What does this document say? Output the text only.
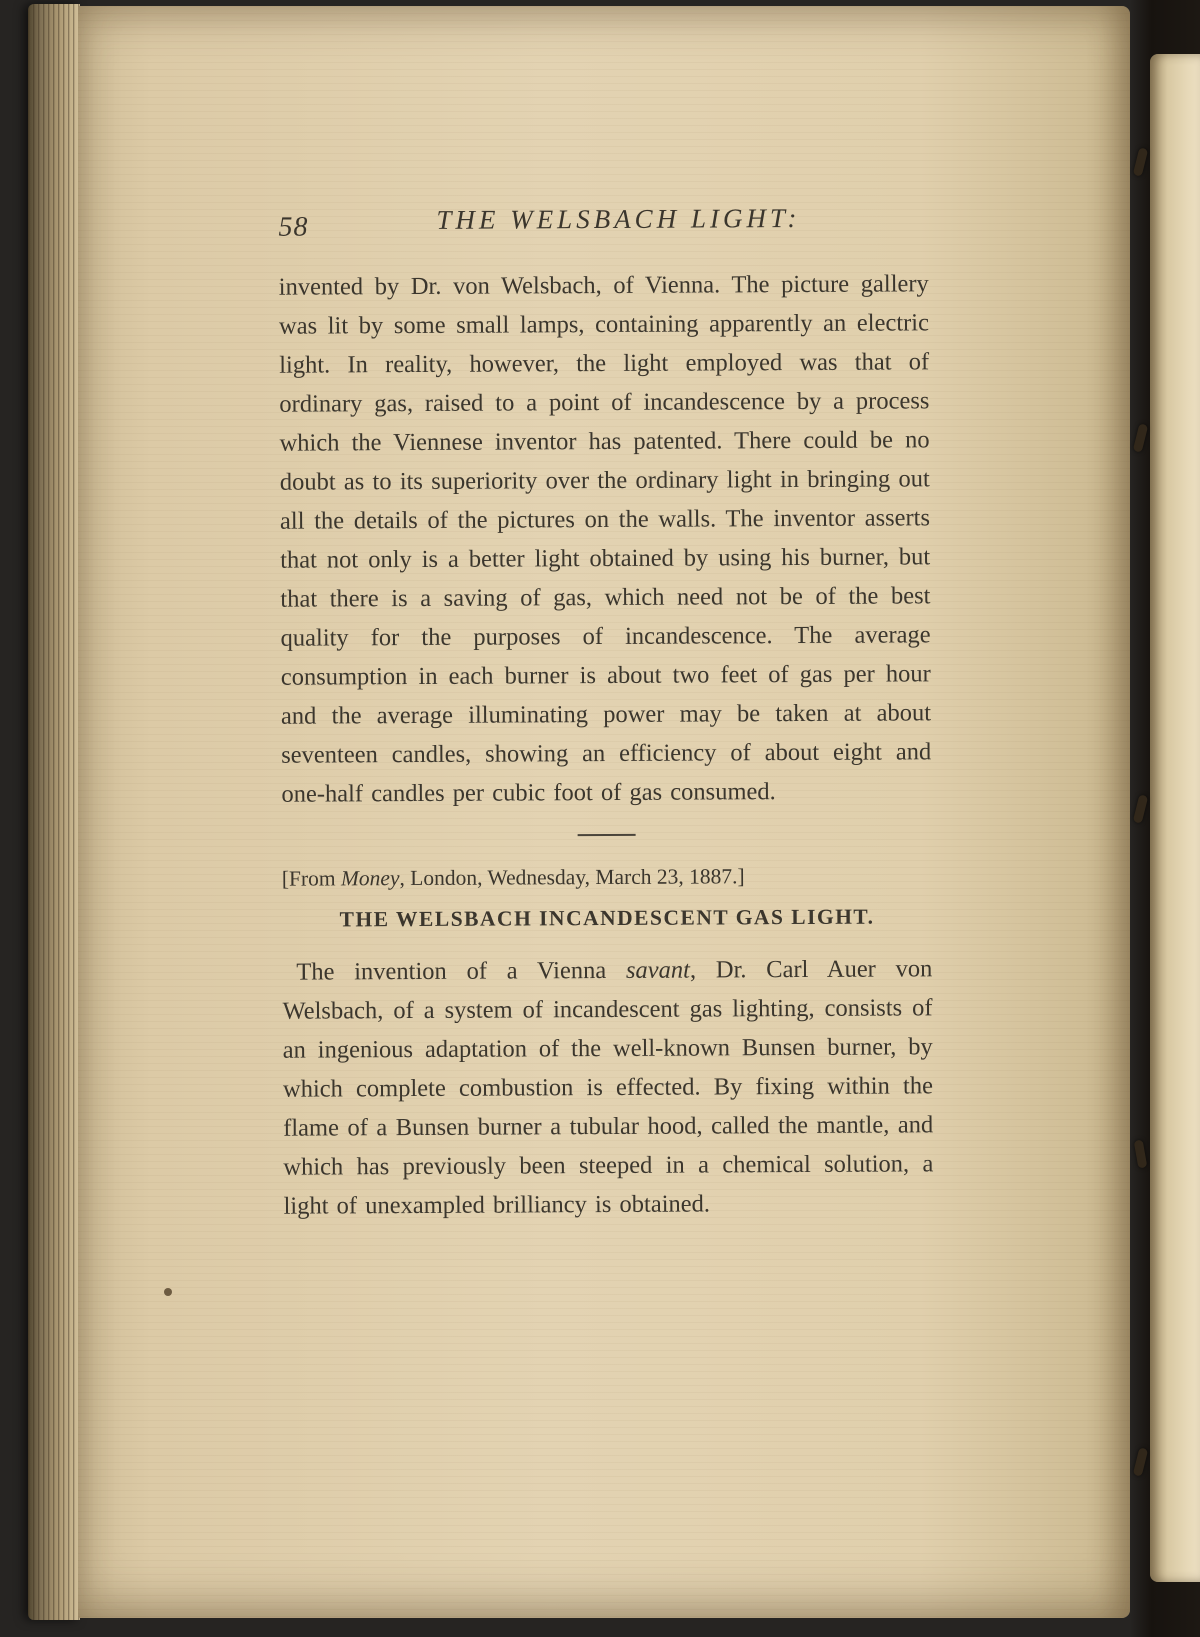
58	THE WELSBACH LIGHT:

invented by Dr. von Welsbach, of Vienna. The picture gallery was lit by some small lamps, containing apparently an electric light. In reality, however, the light employed was that of ordinary gas, raised to a point of incandescence by a process which the Viennese inventor has patented. There could be no doubt as to its superiority over the ordinary light in bringing out all the details of the pictures on the walls. The inventor asserts that not only is a better light obtained by using his burner, but that there is a saving of gas, which need not be of the best quality for the purposes of incandescence. The average consumption in each burner is about two feet of gas per hour and the average illuminating power may be taken at about seventeen candles, showing an efficiency of about eight and one-half candles per cubic foot of gas consumed.

[From Money, London, Wednesday, March 23, 1887.]

THE WELSBACH INCANDESCENT GAS LIGHT.

The invention of a Vienna savant, Dr. Carl Auer von Welsbach, of a system of incandescent gas lighting, consists of an ingenious adaptation of the well-known Bunsen burner, by which complete combustion is effected. By fixing within the flame of a Bunsen burner a tubular hood, called the mantle, and which has previously been steeped in a chemical solution, a light of unexampled brilliancy is obtained.
